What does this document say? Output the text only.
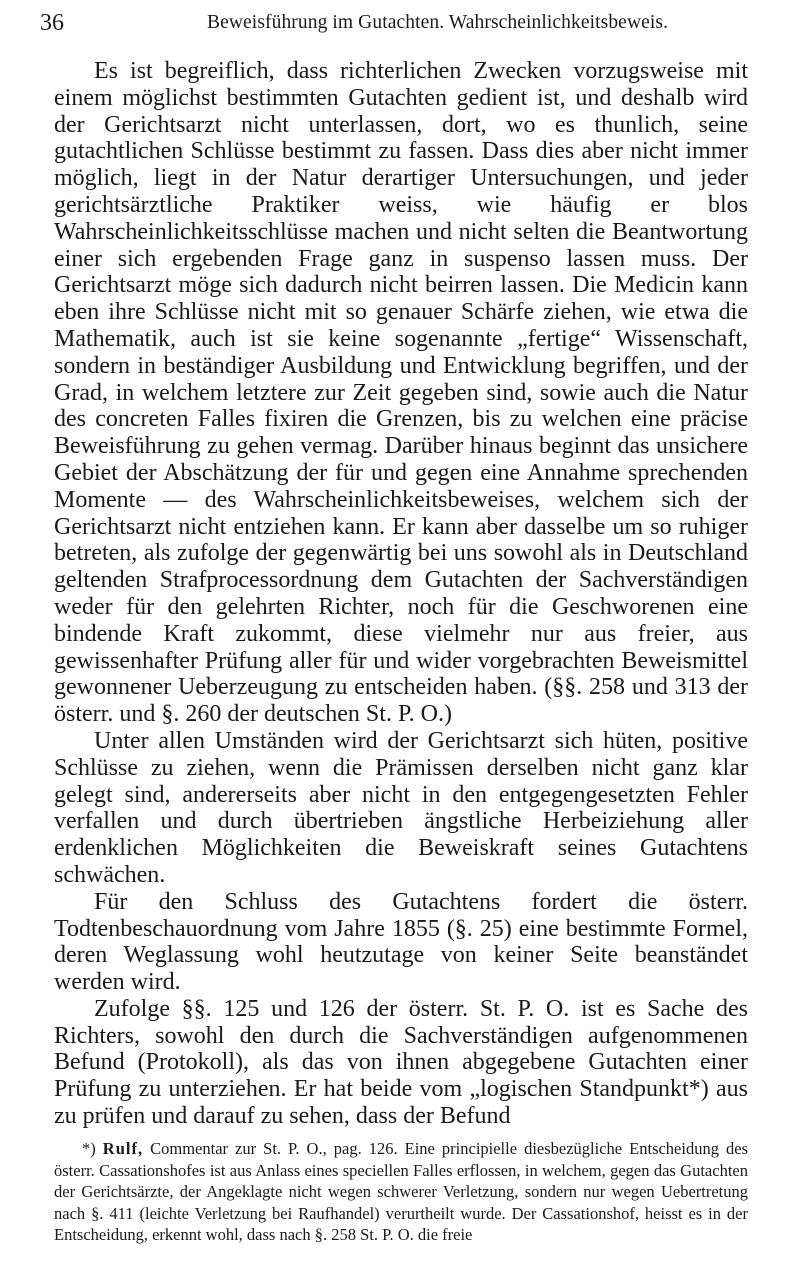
36	Beweisführung im Gutachten. Wahrscheinlichkeitsbeweis.

Es ist begreiflich, dass richterlichen Zwecken vorzugsweise mit einem möglichst bestimmten Gutachten gedient ist, und deshalb wird der Gerichtsarzt nicht unterlassen, dort, wo es thunlich, seine gutachtlichen Schlüsse bestimmt zu fassen. Dass dies aber nicht immer möglich, liegt in der Natur derartiger Untersuchungen, und jeder gerichtsärztliche Praktiker weiss, wie häufig er blos Wahrscheinlichkeitsschlüsse machen und nicht selten die Beantwortung einer sich ergebenden Frage ganz in suspenso lassen muss. Der Gerichtsarzt möge sich dadurch nicht beirren lassen. Die Medicin kann eben ihre Schlüsse nicht mit so genauer Schärfe ziehen, wie etwa die Mathematik, auch ist sie keine sogenannte „fertige“ Wissenschaft, sondern in beständiger Ausbildung und Entwicklung begriffen, und der Grad, in welchem letztere zur Zeit gegeben sind, sowie auch die Natur des concreten Falles fixiren die Grenzen, bis zu welchen eine präcise Beweisführung zu gehen vermag. Darüber hinaus beginnt das unsichere Gebiet der Abschätzung der für und gegen eine Annahme sprechenden Momente — des Wahrscheinlichkeitsbeweises, welchem sich der Gerichtsarzt nicht entziehen kann. Er kann aber dasselbe um so ruhiger betreten, als zufolge der gegenwärtig bei uns sowohl als in Deutschland geltenden Strafprocessordnung dem Gutachten der Sachverständigen weder für den gelehrten Richter, noch für die Geschworenen eine bindende Kraft zukommt, diese vielmehr nur aus freier, aus gewissenhafter Prüfung aller für und wider vorgebrachten Beweismittel gewonnener Ueberzeugung zu entscheiden haben. (§§. 258 und 313 der österr. und §. 260 der deutschen St. P. O.)

Unter allen Umständen wird der Gerichtsarzt sich hüten, positive Schlüsse zu ziehen, wenn die Prämissen derselben nicht ganz klar gelegt sind, andererseits aber nicht in den entgegengesetzten Fehler verfallen und durch übertrieben ängstliche Herbeiziehung aller erdenklichen Möglichkeiten die Beweiskraft seines Gutachtens schwächen.

Für den Schluss des Gutachtens fordert die österr. Todtenbeschauordnung vom Jahre 1855 (§. 25) eine bestimmte Formel, deren Weglassung wohl heutzutage von keiner Seite beanständet werden wird.

Zufolge §§. 125 und 126 der österr. St. P. O. ist es Sache des Richters, sowohl den durch die Sachverständigen aufgenommenen Befund (Protokoll), als das von ihnen abgegebene Gutachten einer Prüfung zu unterziehen. Er hat beide vom „logischen Standpunkt*) aus zu prüfen und darauf zu sehen, dass der Befund

*) Rulf, Commentar zur St. P. O., pag. 126. Eine principielle diesbezügliche Entscheidung des österr. Cassationshofes ist aus Anlass eines speciellen Falles erflossen, in welchem, gegen das Gutachten der Gerichtsärzte, der Angeklagte nicht wegen schwerer Verletzung, sondern nur wegen Uebertretung nach §. 411 (leichte Verletzung bei Raufhandel) verurtheilt wurde. Der Cassationshof, heisst es in der Entscheidung, erkennt wohl, dass nach §. 258 St. P. O. die freie
